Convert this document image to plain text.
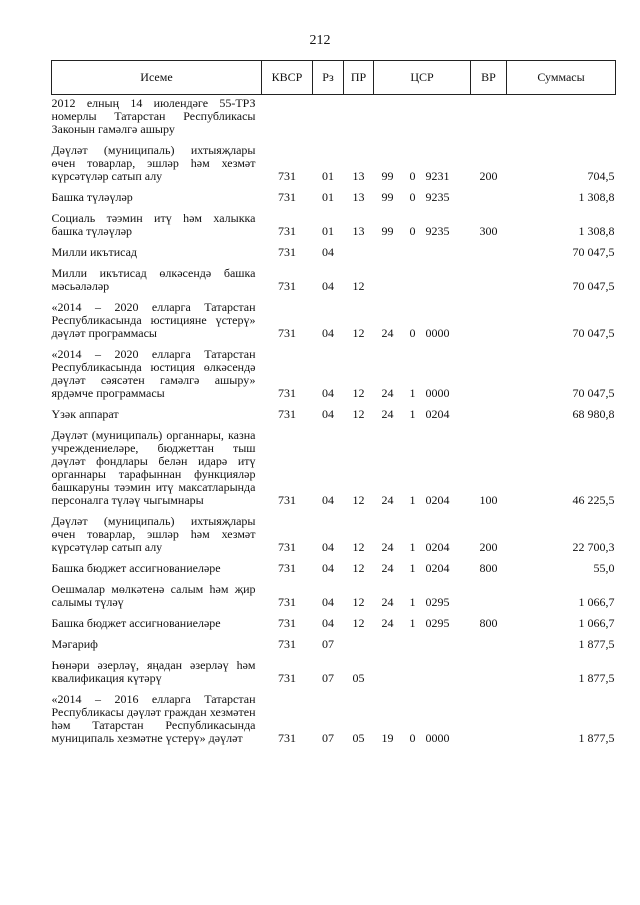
212
Исеме	КВСР	Рз	ПР	ЦСР			ВР	Суммасы
2012 елның 14 июлендәге 55-ТРЗ номерлы Татарстан Республикасы Законын гамәлгә ашыру								
Дәүләт (муниципаль) ихтыяҗлары өчен товарлар, эшләр һәм хезмәт күрсәтүләр сатып алу	731	01	13	99	0	9231	200	704,5
Башка түләүләр	731	01	13	99	0	9235		1 308,8
Социаль тәэмин итү һәм халыкка башка түләүләр	731	01	13	99	0	9235	300	1 308,8
Милли икътисад	731	04						70 047,5
Милли икътисад өлкәсендә башка мәсьәләләр	731	04	12					70 047,5
«2014 – 2020 елларга Татарстан Республикасында юстицияне үстерү» дәүләт программасы	731	04	12	24	0	0000		70 047,5
«2014 – 2020 елларга Татарстан Республикасында юстиция өлкәсендә дәүләт сәясәтен гамәлгә ашыру» ярдәмче программасы	731	04	12	24	1	0000		70 047,5
Үзәк аппарат	731	04	12	24	1	0204		68 980,8
Дәүләт (муниципаль) органнары, казна учреждениеләре, бюджеттан тыш дәүләт фондлары белән идарә итү органнары тарафыннан функцияләр башкаруны тәэмин итү максатларында персоналга түләү чыгымнары	731	04	12	24	1	0204	100	46 225,5
Дәүләт (муниципаль) ихтыяҗлары өчен товарлар, эшләр һәм хезмәт күрсәтүләр сатып алу	731	04	12	24	1	0204	200	22 700,3
Башка бюджет ассигнованиеләре	731	04	12	24	1	0204	800	55,0
Оешмалар мөлкәтенә салым һәм җир салымы түләү	731	04	12	24	1	0295		1 066,7
Башка бюджет ассигнованиеләре	731	04	12	24	1	0295	800	1 066,7
Мәгариф	731	07						1 877,5
Һөнәри әзерләү, яңадан әзерләү һәм квалификация күтәрү	731	07	05					1 877,5
«2014 – 2016 елларга Татарстан Республикасы дәүләт граждан хезмәтен һәм Татарстан Республикасында муниципаль хезмәтне үстерү» дәүләт	731	07	05	19	0	0000		1 877,5
